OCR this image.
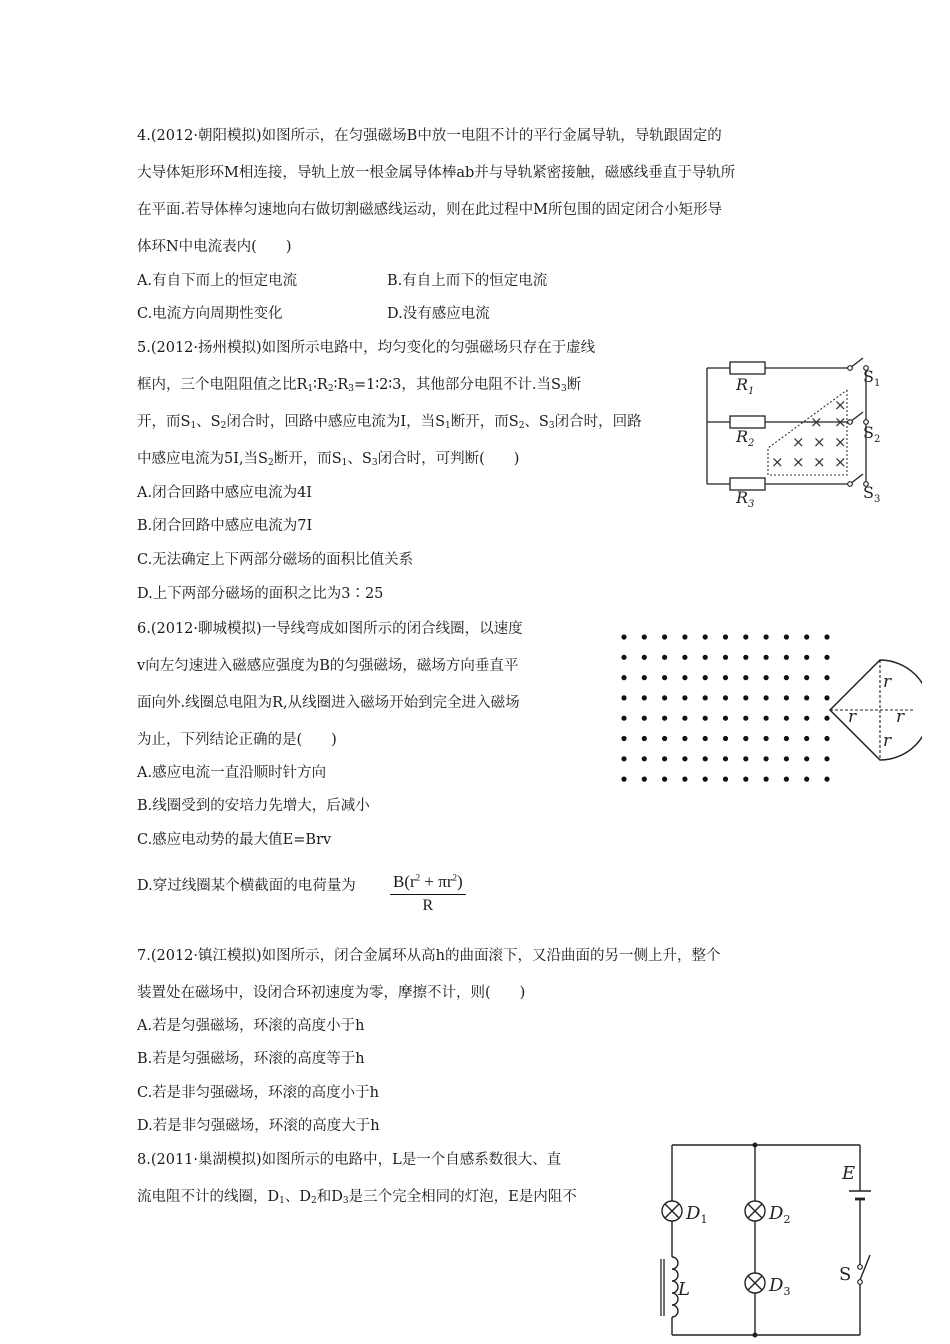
4.(2012·朝阳模拟)如图所示，在匀强磁场B中放一电阻不计的平行金属导轨，导轨跟固定的
大导体矩形环M相连接，导轨上放一根金属导体棒ab并与导轨紧密接触，磁感线垂直于导轨所
在平面.若导体棒匀速地向右做切割磁感线运动，则在此过程中M所包围的固定闭合小矩形导
体环N中电流表内(　　)
A.有自下而上的恒定电流	B.有自上而下的恒定电流
C.电流方向周期性变化	D.没有感应电流
5.(2012·扬州模拟)如图所示电路中，均匀变化的匀强磁场只存在于虚线
框内，三个电阻阻值之比$R_1∶R_2∶R_3=1∶2∶3$，其他部分电阻不计.当$S_3$断
开，而$S_1$、$S_2$闭合时，回路中感应电流为I，当$S_1$断开，而$S_2$、$S_3$闭合时，回路
中感应电流为5I,当$S_2$断开，而$S_1$、$S_3$闭合时，可判断(　　)
A.闭合回路中感应电流为4I
B.闭合回路中感应电流为7I
C.无法确定上下两部分磁场的面积比值关系
D.上下两部分磁场的面积之比为3∶25
×
× ×
× × ×
× × × ×
$R_1$
$R_2$
$R_3$
$S_1$
$S_2$
$S_3$
6.(2012·聊城模拟)一导线弯成如图所示的闭合线圈，以速度
v向左匀速进入磁感应强度为B的匀强磁场，磁场方向垂直平
面向外.线圈总电阻为R,从线圈进入磁场开始到完全进入磁场
为止，下列结论正确的是(　　)
A.感应电流一直沿顺时针方向
B.线圈受到的安培力先增大，后减小
C.感应电动势的最大值E=Brv
D.穿过线圈某个横截面的电荷量为 $\frac{B(r^2 + \pi r^2)}{R}$
r
r r
r
7.(2012·镇江模拟)如图所示，闭合金属环从高h的曲面滚下，又沿曲面的另一侧上升，整个
装置处在磁场中，设闭合环初速度为零，摩擦不计，则(　　)
A.若是匀强磁场，环滚的高度小于h
B.若是匀强磁场，环滚的高度等于h
C.若是非匀强磁场，环滚的高度小于h
D.若是非匀强磁场，环滚的高度大于h
8.(2011·巢湖模拟)如图所示的电路中，L是一个自感系数很大、直
流电阻不计的线圈，$D_1$、$D_2$和$D_3$是三个完全相同的灯泡，E是内阻不
$D_1$	$D_2$
$D_3$
L
E
S
